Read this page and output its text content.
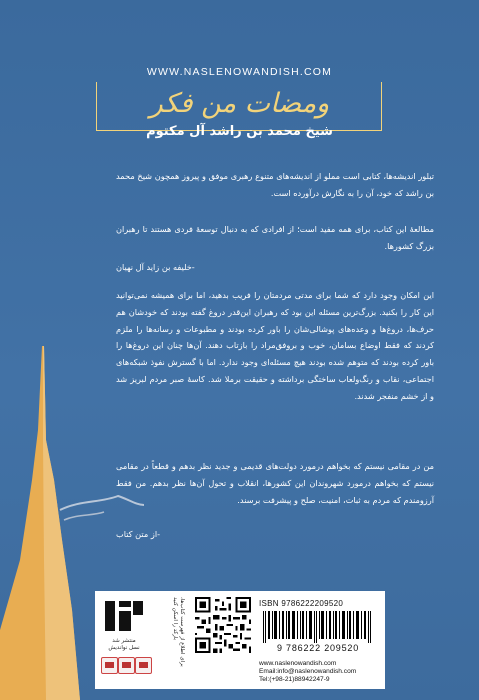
WWW.NASLENOWANDISH.COM
ومضات من فکر
شیخ محمد بن راشد آل مکتوم
تبلور اندیشه‌ها، کتابی است مملو از اندیشه‌های متنوع رهبری موفق و پیروز همچون شیخ محمد بن راشد که خود، آن را به نگارش درآورده است.
مطالعهٔ این کتاب، برای همه مفید است؛ از افرادی که به دنبال توسعهٔ فردی هستند تا رهبران بزرگ کشورها.
-خلیفه بن زاید آل نهیان
این امکان وجود دارد که شما برای مدتی مردمتان را فریب بدهید، اما برای همیشه نمی‌توانید این کار را بکنید. بزرگ‌ترین مسئله این بود که رهبران این‌قدر دروغ گفته بودند که خودشان هم حرف‌ها، دروغ‌ها و وعده‌های پوشالی‌شان را باور کرده بودند و مطبوعات و رسانه‌ها را ملزم کردند که فقط اوضاع بسامان، خوب و بروفق‌مراد را بازتاب دهند. آن‌ها چنان این دروغ‌ها را باور کرده بودند که متوهم شده بودند هیچ مسئله‌ای وجود ندارد. اما با گسترش نفوذ شبکه‌های اجتماعی، نقاب و رنگ‌ولعاب ساختگی برداشته و حقیقت برملا شد. کاسهٔ صبر مردم لبریز شد و از خشم منفجر شدند.
من در مقامی نیستم که بخواهم درمورد دولت‌های قدیمی و جدید نظر بدهم و قطعاً در مقامی نیستم که بخواهم درمورد شهروندان این کشورها، انقلاب و تحول آن‌ها نظر بدهم. من فقط آرزومندم که مردم به ثبات، امنیت، صلح و پیشرفت برسند.
-از متن کتاب
منتشر شد
نسل نواندیش	برای اطلاع از فهرست کتاب‌ها، بارکد را اسکن کنید	ISBN 9786222209520
9 786222 209520
www.naslenowandish.com
Email:info@naslenowandish.com
Tel:(+98-21)88942247-9
